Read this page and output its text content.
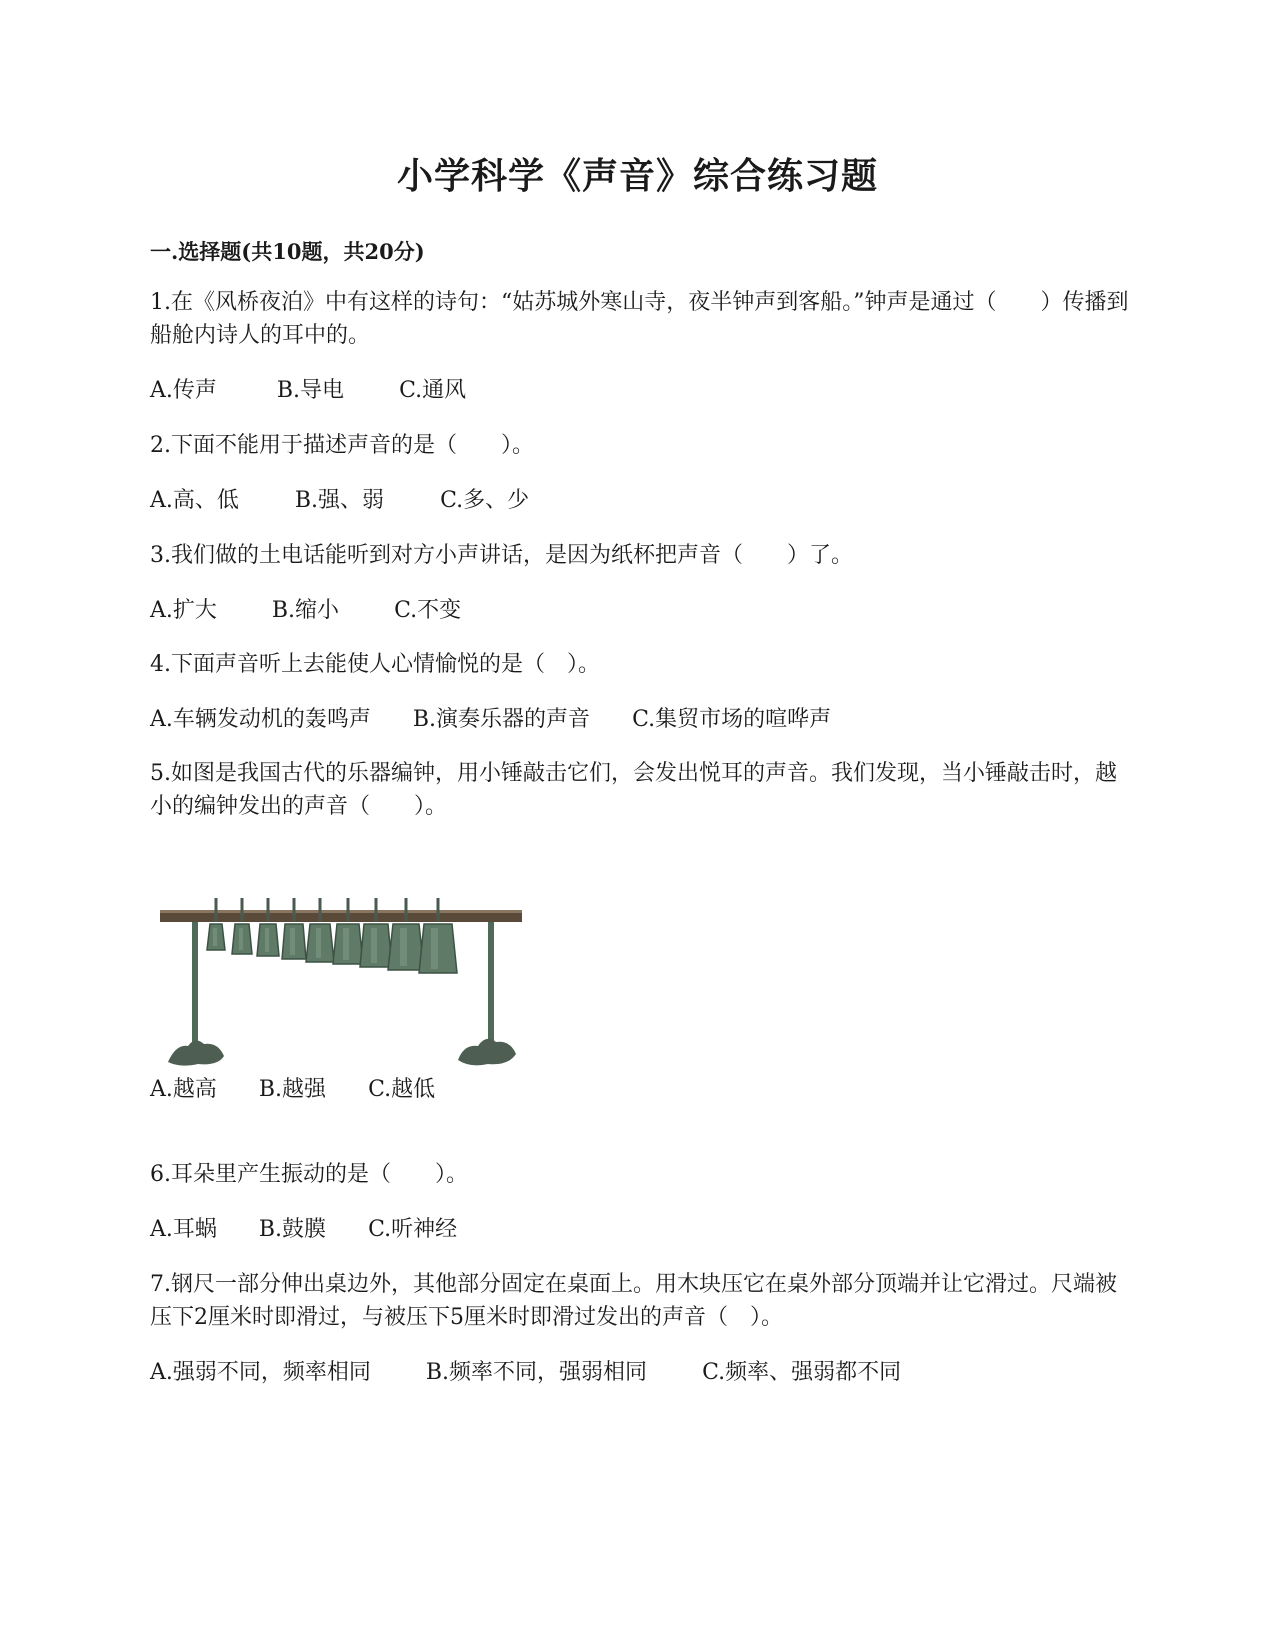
小学科学《声音》综合练习题
一.选择题(共10题，共20分)
1.在《风桥夜泊》中有这样的诗句：“姑苏城外寒山寺，夜半钟声到客船。”钟声是通过（　　）传播到船舱内诗人的耳中的。
A.传声	B.导电	C.通风
2.下面不能用于描述声音的是（　　）。
A.高、低	B.强、弱	C.多、少
3.我们做的土电话能听到对方小声讲话，是因为纸杯把声音（　　）了。
A.扩大	B.缩小	C.不变
4.下面声音听上去能使人心情愉悦的是（　）。
A.车辆发动机的轰鸣声 B.演奏乐器的声音 C.集贸市场的喧哗声
5.如图是我国古代的乐器编钟，用小锤敲击它们，会发出悦耳的声音。我们发现，当小锤敲击时，越小的编钟发出的声音（　　）。
A.越高 B.越强 C.越低
6.耳朵里产生振动的是（　　）。
A.耳蜗 B.鼓膜 C.听神经
7.钢尺一部分伸出桌边外，其他部分固定在桌面上。用木块压它在桌外部分顶端并让它滑过。尺端被压下2厘米时即滑过，与被压下5厘米时即滑过发出的声音（　）。
A.强弱不同，频率相同	B.频率不同，强弱相同	C.频率、强弱都不同
